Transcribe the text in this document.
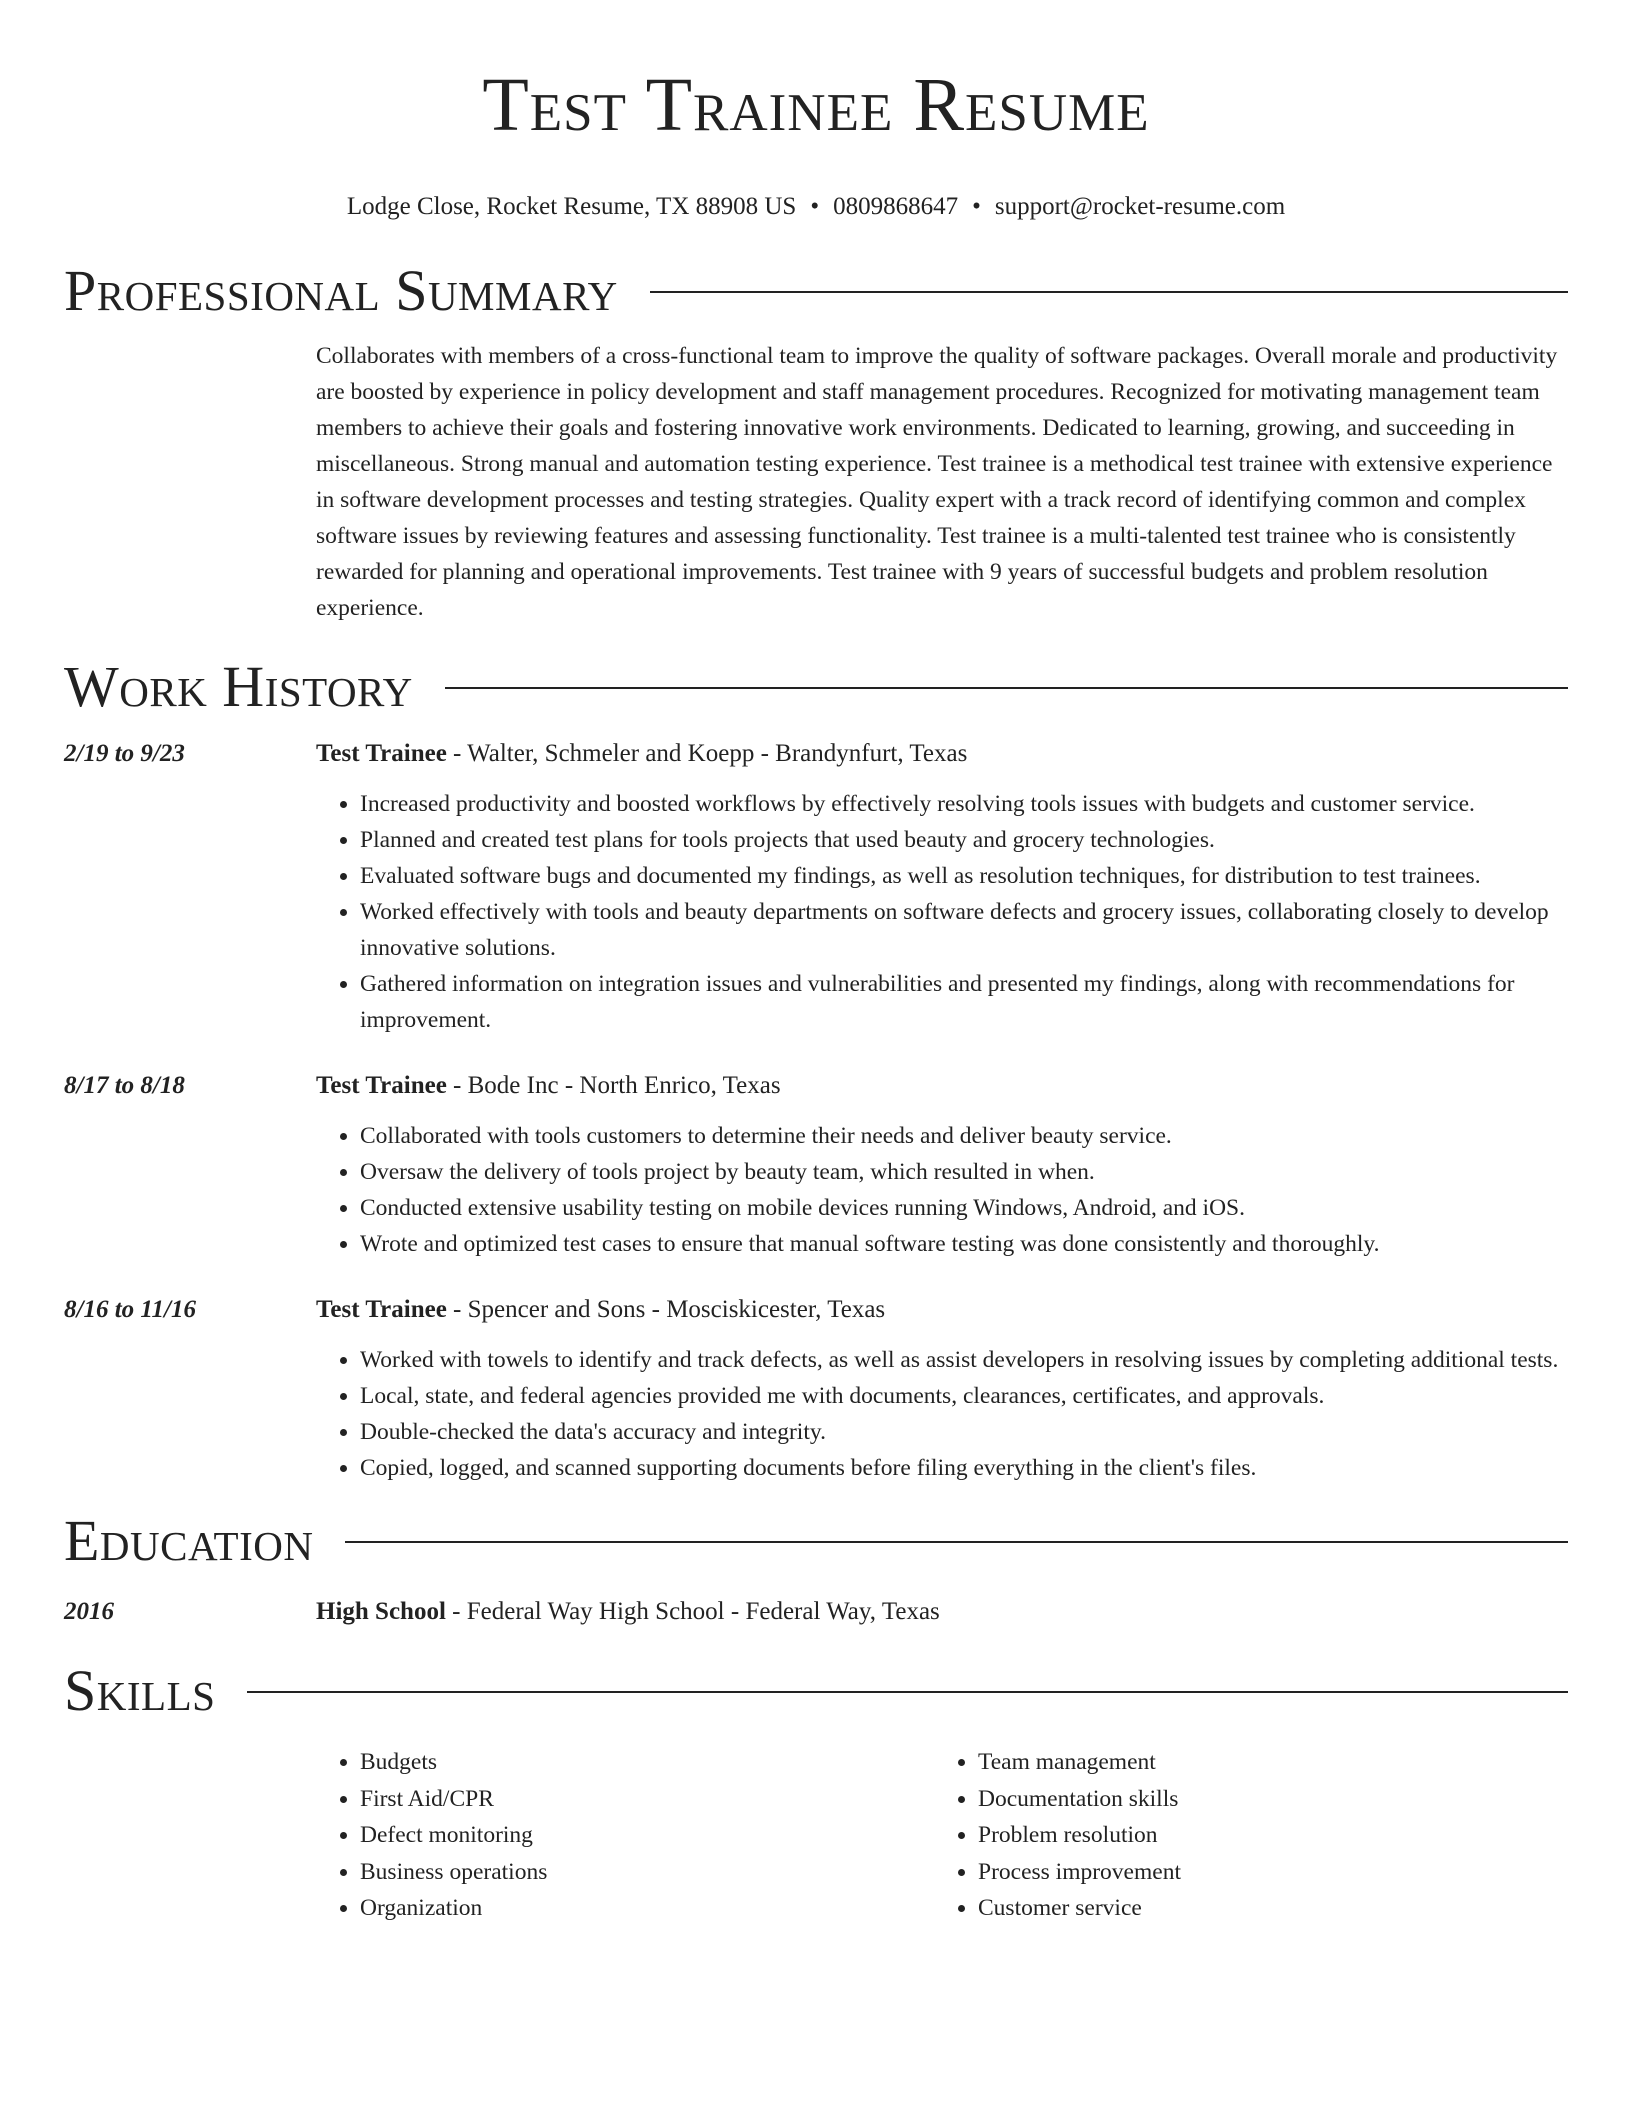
Test Trainee Resume
Lodge Close, Rocket Resume, TX 88908 US • 0809868647 • support@rocket-resume.com
Professional Summary
Collaborates with members of a cross-functional team to improve the quality of software packages. Overall morale and productivity are boosted by experience in policy development and staff management procedures. Recognized for motivating management team members to achieve their goals and fostering innovative work environments. Dedicated to learning, growing, and succeeding in miscellaneous. Strong manual and automation testing experience. Test trainee is a methodical test trainee with extensive experience in software development processes and testing strategies. Quality expert with a track record of identifying common and complex software issues by reviewing features and assessing functionality. Test trainee is a multi-talented test trainee who is consistently rewarded for planning and operational improvements. Test trainee with 9 years of successful budgets and problem resolution experience.
Work History
2/19 to 9/23	Test Trainee - Walter, Schmeler and Koepp - Brandynfurt, Texas
• Increased productivity and boosted workflows by effectively resolving tools issues with budgets and customer service.
• Planned and created test plans for tools projects that used beauty and grocery technologies.
• Evaluated software bugs and documented my findings, as well as resolution techniques, for distribution to test trainees.
• Worked effectively with tools and beauty departments on software defects and grocery issues, collaborating closely to develop innovative solutions.
• Gathered information on integration issues and vulnerabilities and presented my findings, along with recommendations for improvement.
8/17 to 8/18	Test Trainee - Bode Inc - North Enrico, Texas
• Collaborated with tools customers to determine their needs and deliver beauty service.
• Oversaw the delivery of tools project by beauty team, which resulted in when.
• Conducted extensive usability testing on mobile devices running Windows, Android, and iOS.
• Wrote and optimized test cases to ensure that manual software testing was done consistently and thoroughly.
8/16 to 11/16	Test Trainee - Spencer and Sons - Mosciskicester, Texas
• Worked with towels to identify and track defects, as well as assist developers in resolving issues by completing additional tests.
• Local, state, and federal agencies provided me with documents, clearances, certificates, and approvals.
• Double-checked the data's accuracy and integrity.
• Copied, logged, and scanned supporting documents before filing everything in the client's files.
Education
2016	High School - Federal Way High School - Federal Way, Texas
Skills
• Budgets
• First Aid/CPR
• Defect monitoring
• Business operations
• Organization
• Team management
• Documentation skills
• Problem resolution
• Process improvement
• Customer service
